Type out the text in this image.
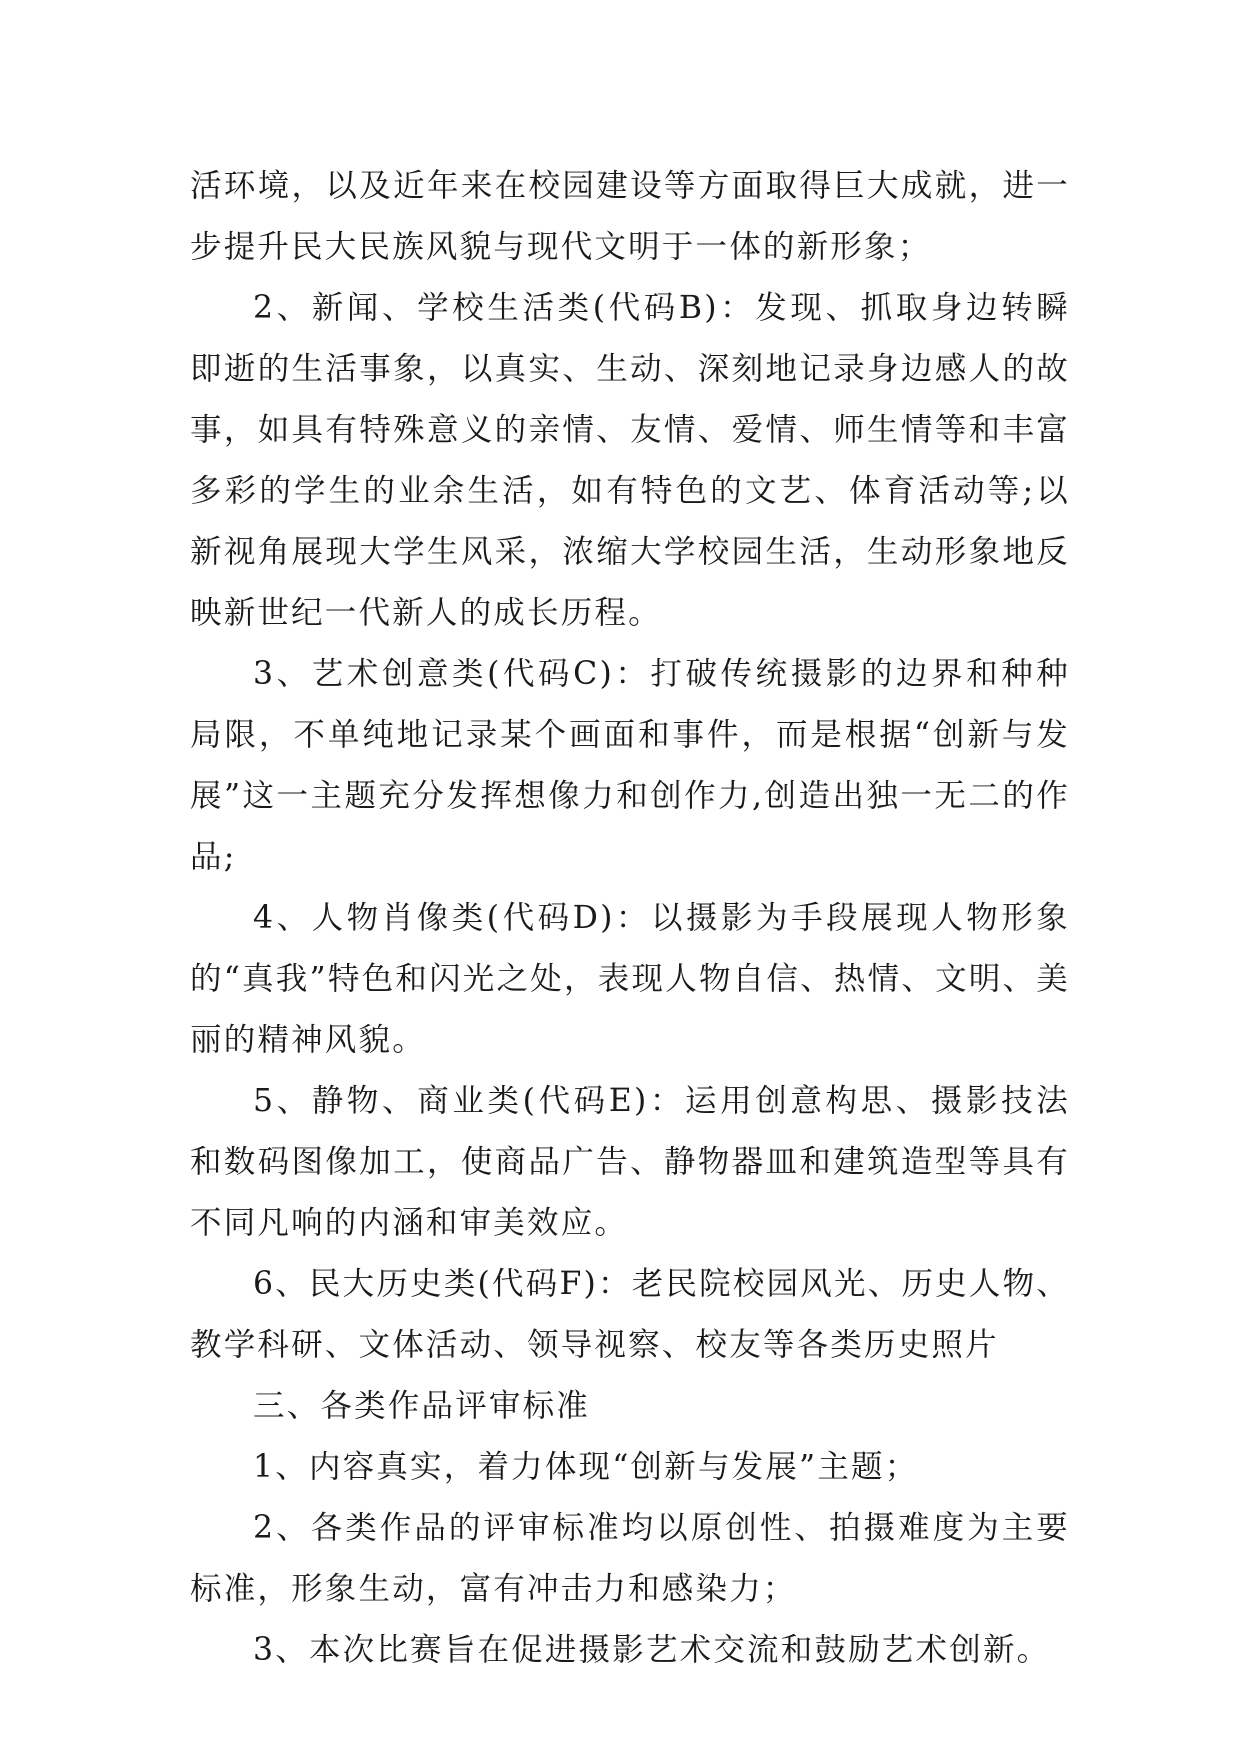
活环境，以及近年来在校园建设等方面取得巨大成就，进一步提升民大民族风貌与现代文明于一体的新形象；

2、新闻、学校生活类(代码B)：发现、抓取身边转瞬即逝的生活事象，以真实、生动、深刻地记录身边感人的故事，如具有特殊意义的亲情、友情、爱情、师生情等和丰富多彩的学生的业余生活，如有特色的文艺、体育活动等;以新视角展现大学生风采，浓缩大学校园生活，生动形象地反映新世纪一代新人的成长历程。

3、艺术创意类(代码C)：打破传统摄影的边界和种种局限，不单纯地记录某个画面和事件，而是根据“创新与发展”这一主题充分发挥想像力和创作力,创造出独一无二的作品;

4、人物肖像类(代码D)：以摄影为手段展现人物形象的“真我”特色和闪光之处，表现人物自信、热情、文明、美丽的精神风貌。

5、静物、商业类(代码E)：运用创意构思、摄影技法和数码图像加工，使商品广告、静物器皿和建筑造型等具有不同凡响的内涵和审美效应。

6、民大历史类(代码F)：老民院校园风光、历史人物、教学科研、文体活动、领导视察、校友等各类历史照片

三、各类作品评审标准

1、内容真实，着力体现“创新与发展”主题；

2、各类作品的评审标准均以原创性、拍摄难度为主要标准，形象生动，富有冲击力和感染力；

3、本次比赛旨在促进摄影艺术交流和鼓励艺术创新。
